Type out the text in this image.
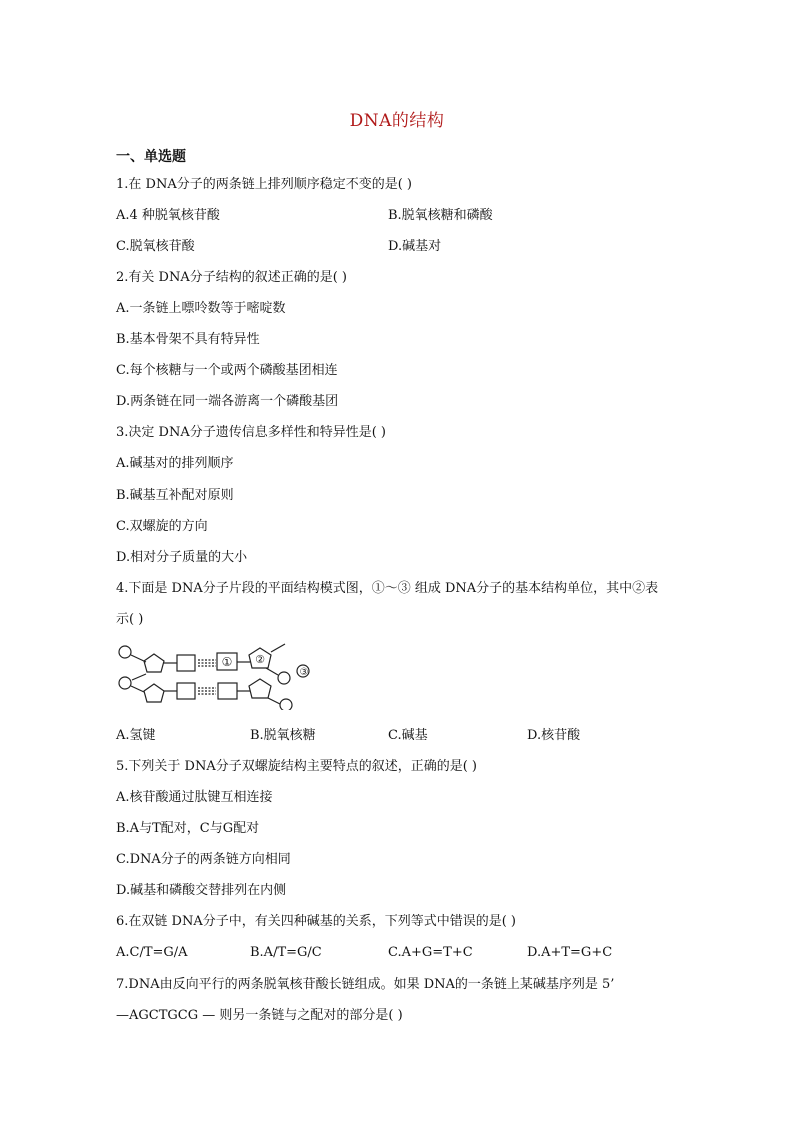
DNA的结构
一、单选题
1.在 DNA分子的两条链上排列顺序稳定不变的是( )
A.4 种脱氧核苷酸	B.脱氧核糖和磷酸
C.脱氧核苷酸	D.碱基对
2.有关 DNA分子结构的叙述正确的是( )
A.一条链上嘌呤数等于嘧啶数
B.基本骨架不具有特异性
C.每个核糖与一个或两个磷酸基团相连
D.两条链在同一端各游离一个磷酸基团
3.决定 DNA分子遗传信息多样性和特异性是( )
A.碱基对的排列顺序
B.碱基互补配对原则
C.双螺旋的方向
D.相对分子质量的大小
4.下面是 DNA分子片段的平面结构模式图，①～③ 组成 DNA分子的基本结构单位，其中②表
示( )
① ②
③
A.氢键	B.脱氧核糖	C.碱基	D.核苷酸
5.下列关于 DNA分子双螺旋结构主要特点的叙述，正确的是( )
A.核苷酸通过肽键互相连接
B.A与T配对，C与G配对
C.DNA分子的两条链方向相同
D.碱基和磷酸交替排列在内侧
6.在双链 DNA分子中，有关四种碱基的关系，下列等式中错误的是( )
A.C/T=G/A	B.A/T=G/C	C.A+G=T+C	D.A+T=G+C
7.DNA由反向平行的两条脱氧核苷酸长链组成。如果 DNA的一条链上某碱基序列是 5’
—AGCTGCG — 则另一条链与之配对的部分是( )
